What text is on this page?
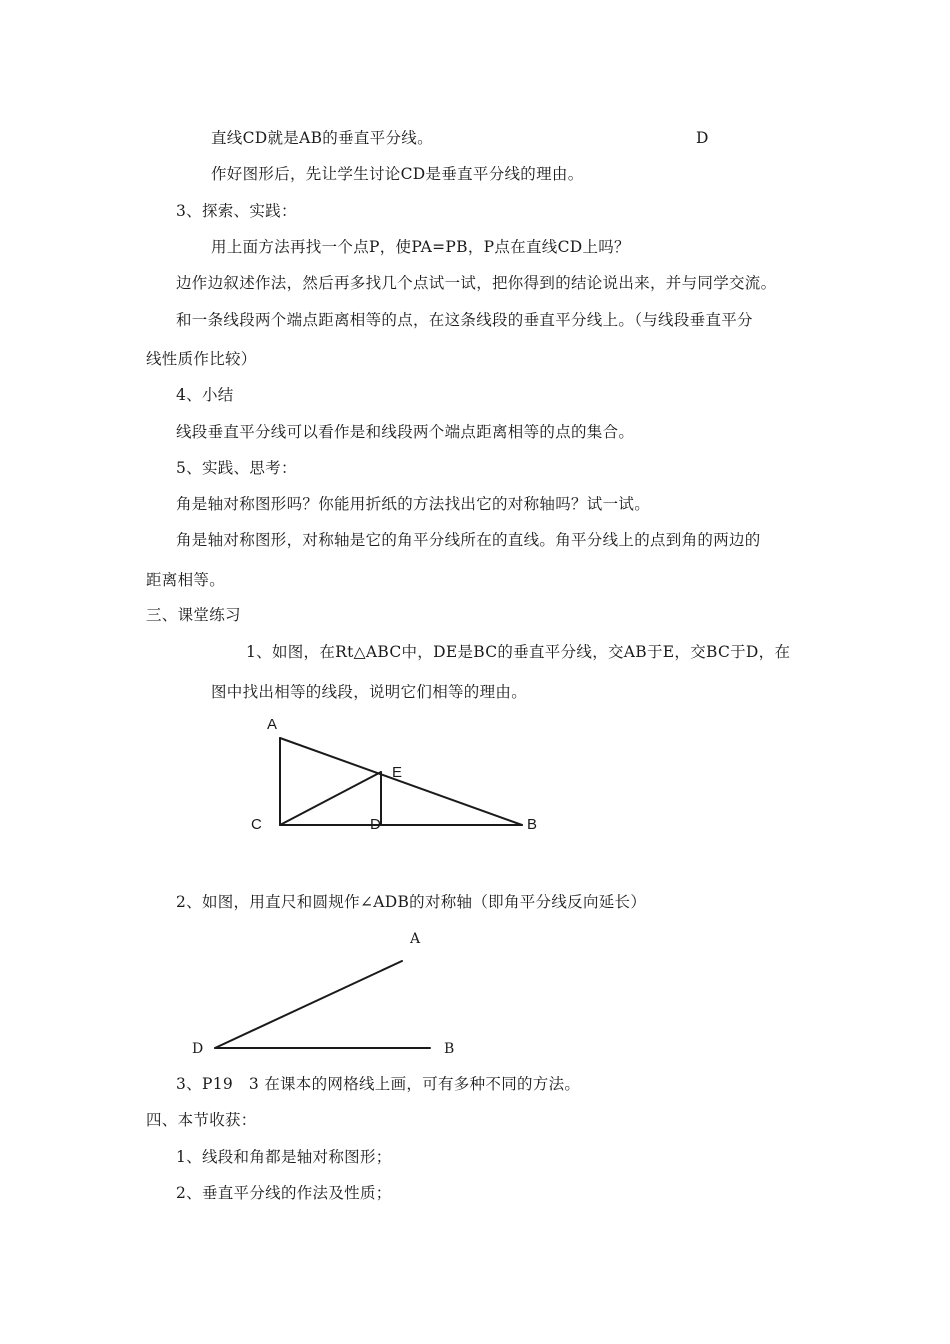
直线CD就是AB的垂直平分线。	D
作好图形后，先让学生讨论CD是垂直平分线的理由。
3、探索、实践：
用上面方法再找一个点P，使PA=PB，P点在直线CD上吗？
边作边叙述作法，然后再多找几个点试一试，把你得到的结论说出来，并与同学交流。
和一条线段两个端点距离相等的点，在这条线段的垂直平分线上。（与线段垂直平分
线性质作比较）
4、小结
线段垂直平分线可以看作是和线段两个端点距离相等的点的集合。
5、实践、思考：
角是轴对称图形吗？你能用折纸的方法找出它的对称轴吗？试一试。
角是轴对称图形，对称轴是它的角平分线所在的直线。角平分线上的点到角的两边的
距离相等。
三、课堂练习
1、如图，在Rt△ABC中，DE是BC的垂直平分线，交AB于E，交BC于D，在
图中找出相等的线段，说明它们相等的理由。
A
E
C	D	B
2、如图，用直尺和圆规作∠ADB的对称轴（即角平分线反向延长）
A
D	B
3、P19　3 在课本的网格线上画，可有多种不同的方法。
四、本节收获：
1、线段和角都是轴对称图形；
2、垂直平分线的作法及性质；
